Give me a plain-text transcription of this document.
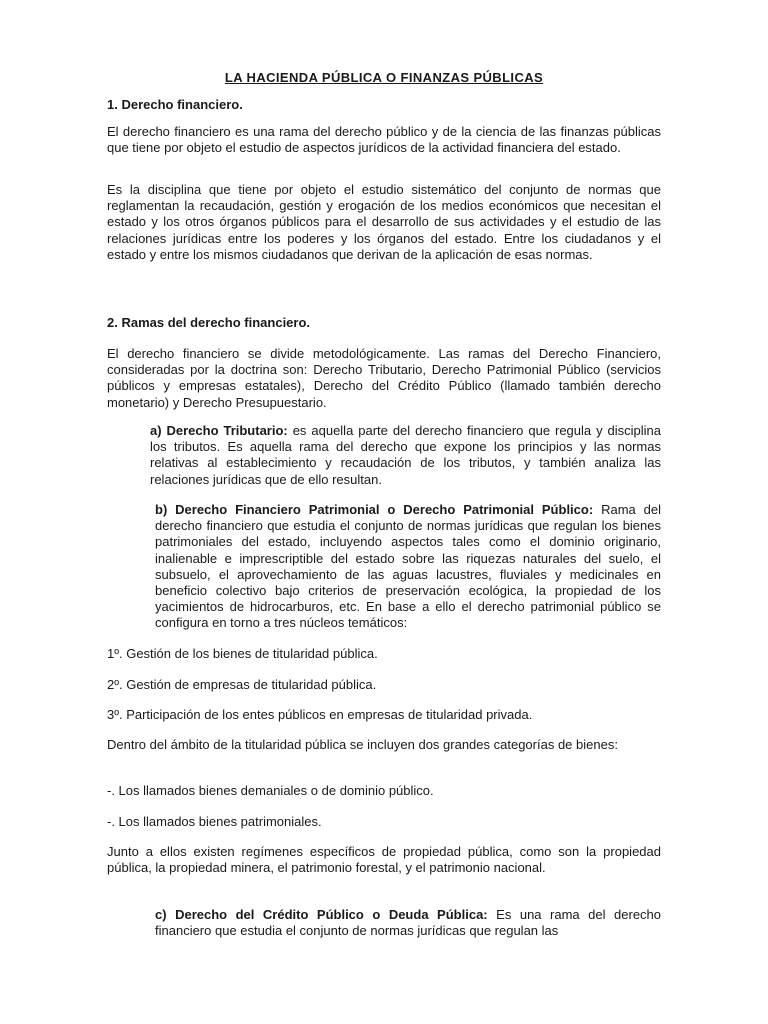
LA HACIENDA PÚBLICA O FINANZAS PÚBLICAS
1. Derecho financiero.
El derecho financiero es una rama del derecho público y de la ciencia de las finanzas públicas que tiene por objeto el estudio de aspectos jurídicos de la actividad financiera del estado.
Es la disciplina que tiene por objeto el estudio sistemático del conjunto de normas que reglamentan la recaudación, gestión y erogación de los medios económicos que necesitan el estado y los otros órganos públicos para el desarrollo de sus actividades y el estudio de las relaciones jurídicas entre los poderes y los órganos del estado. Entre los ciudadanos y el estado y entre los mismos ciudadanos que derivan de la aplicación de esas normas.
2. Ramas del derecho financiero.
El derecho financiero se divide metodológicamente. Las ramas del Derecho Financiero, consideradas por la doctrina son: Derecho Tributario, Derecho Patrimonial Público (servicios públicos y empresas estatales), Derecho del Crédito Público (llamado también derecho monetario) y Derecho Presupuestario.
a) Derecho Tributario: es aquella parte del derecho financiero que regula y disciplina los tributos. Es aquella rama del derecho que expone los principios y las normas relativas al establecimiento y recaudación de los tributos, y también analiza las relaciones jurídicas que de ello resultan.
b) Derecho Financiero Patrimonial o Derecho Patrimonial Público: Rama del derecho financiero que estudia el conjunto de normas jurídicas que regulan los bienes patrimoniales del estado, incluyendo aspectos tales como el dominio originario, inalienable e imprescriptible del estado sobre las riquezas naturales del suelo, el subsuelo, el aprovechamiento de las aguas lacustres, fluviales y medicinales en beneficio colectivo bajo criterios de preservación ecológica, la propiedad de los yacimientos de hidrocarburos, etc. En base a ello el derecho patrimonial público se configura en torno a tres núcleos temáticos:
1º. Gestión de los bienes de titularidad pública.
2º. Gestión de empresas de titularidad pública.
3º. Participación de los entes públicos en empresas de titularidad privada.
Dentro del ámbito de la titularidad pública se incluyen dos grandes categorías de bienes:
-. Los llamados bienes demaniales o de dominio público.
-. Los llamados bienes patrimoniales.
Junto a ellos existen regímenes específicos de propiedad pública, como son la propiedad pública, la propiedad minera, el patrimonio forestal, y el patrimonio nacional.
c) Derecho del Crédito Público o Deuda Pública: Es una rama del derecho financiero que estudia el conjunto de normas jurídicas que regulan las
